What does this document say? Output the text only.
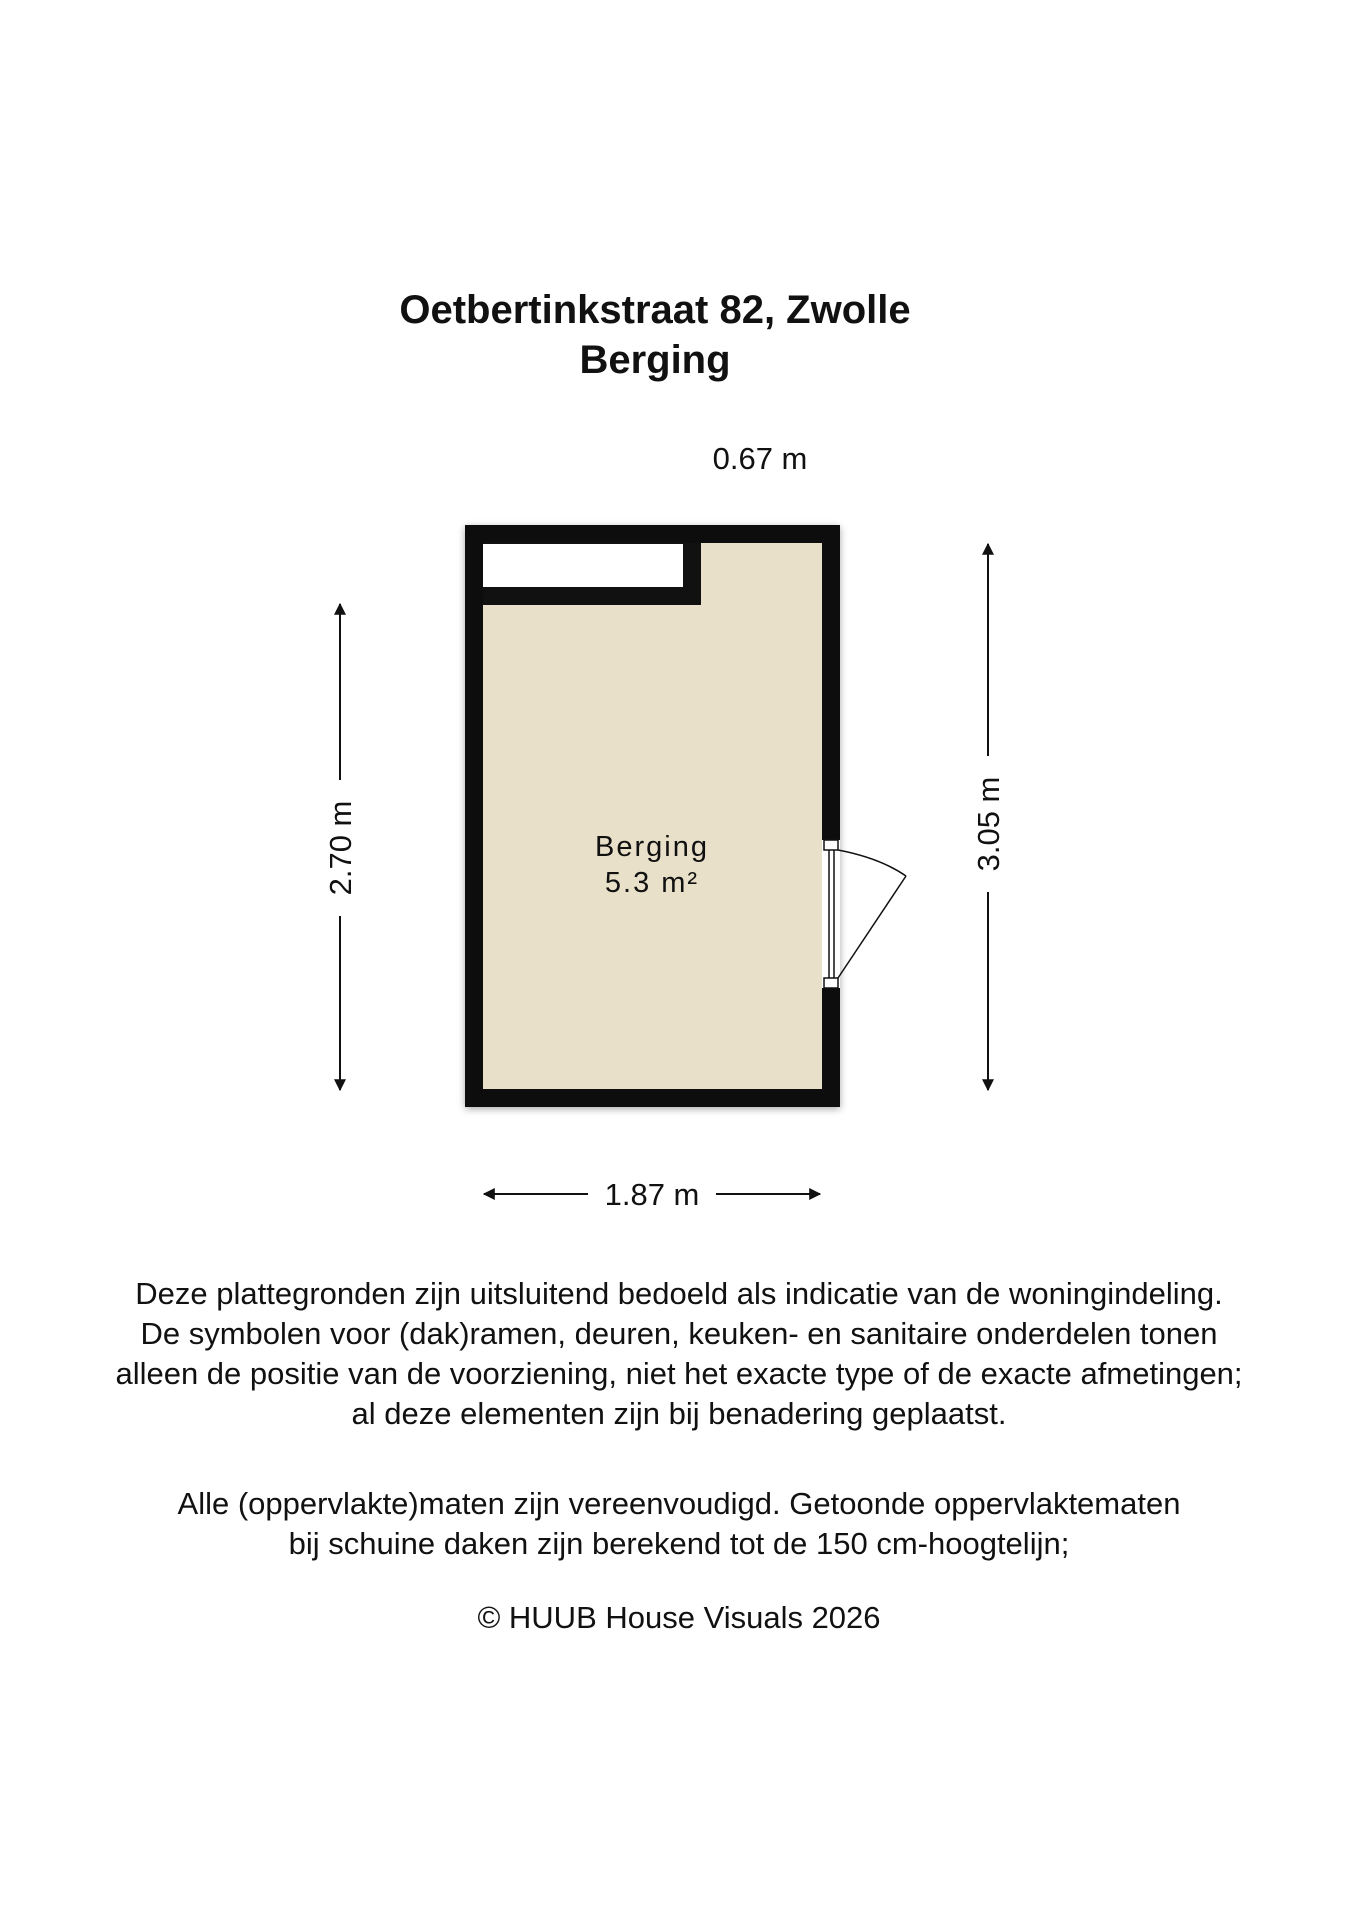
Oetbertinkstraat 82, Zwolle
Berging
Berging
5.3 m²
0.67 m
1.87 m
2.70 m	3.05 m
Deze plattegronden zijn uitsluitend bedoeld als indicatie van de woningindeling.
De symbolen voor (dak)ramen, deuren, keuken- en sanitaire onderdelen tonen
alleen de positie van de voorziening, niet het exacte type of de exacte afmetingen;
al deze elementen zijn bij benadering geplaatst.
Alle (oppervlakte)maten zijn vereenvoudigd. Getoonde oppervlaktematen
bij schuine daken zijn berekend tot de 150 cm-hoogtelijn;
© HUUB House Visuals 2026
